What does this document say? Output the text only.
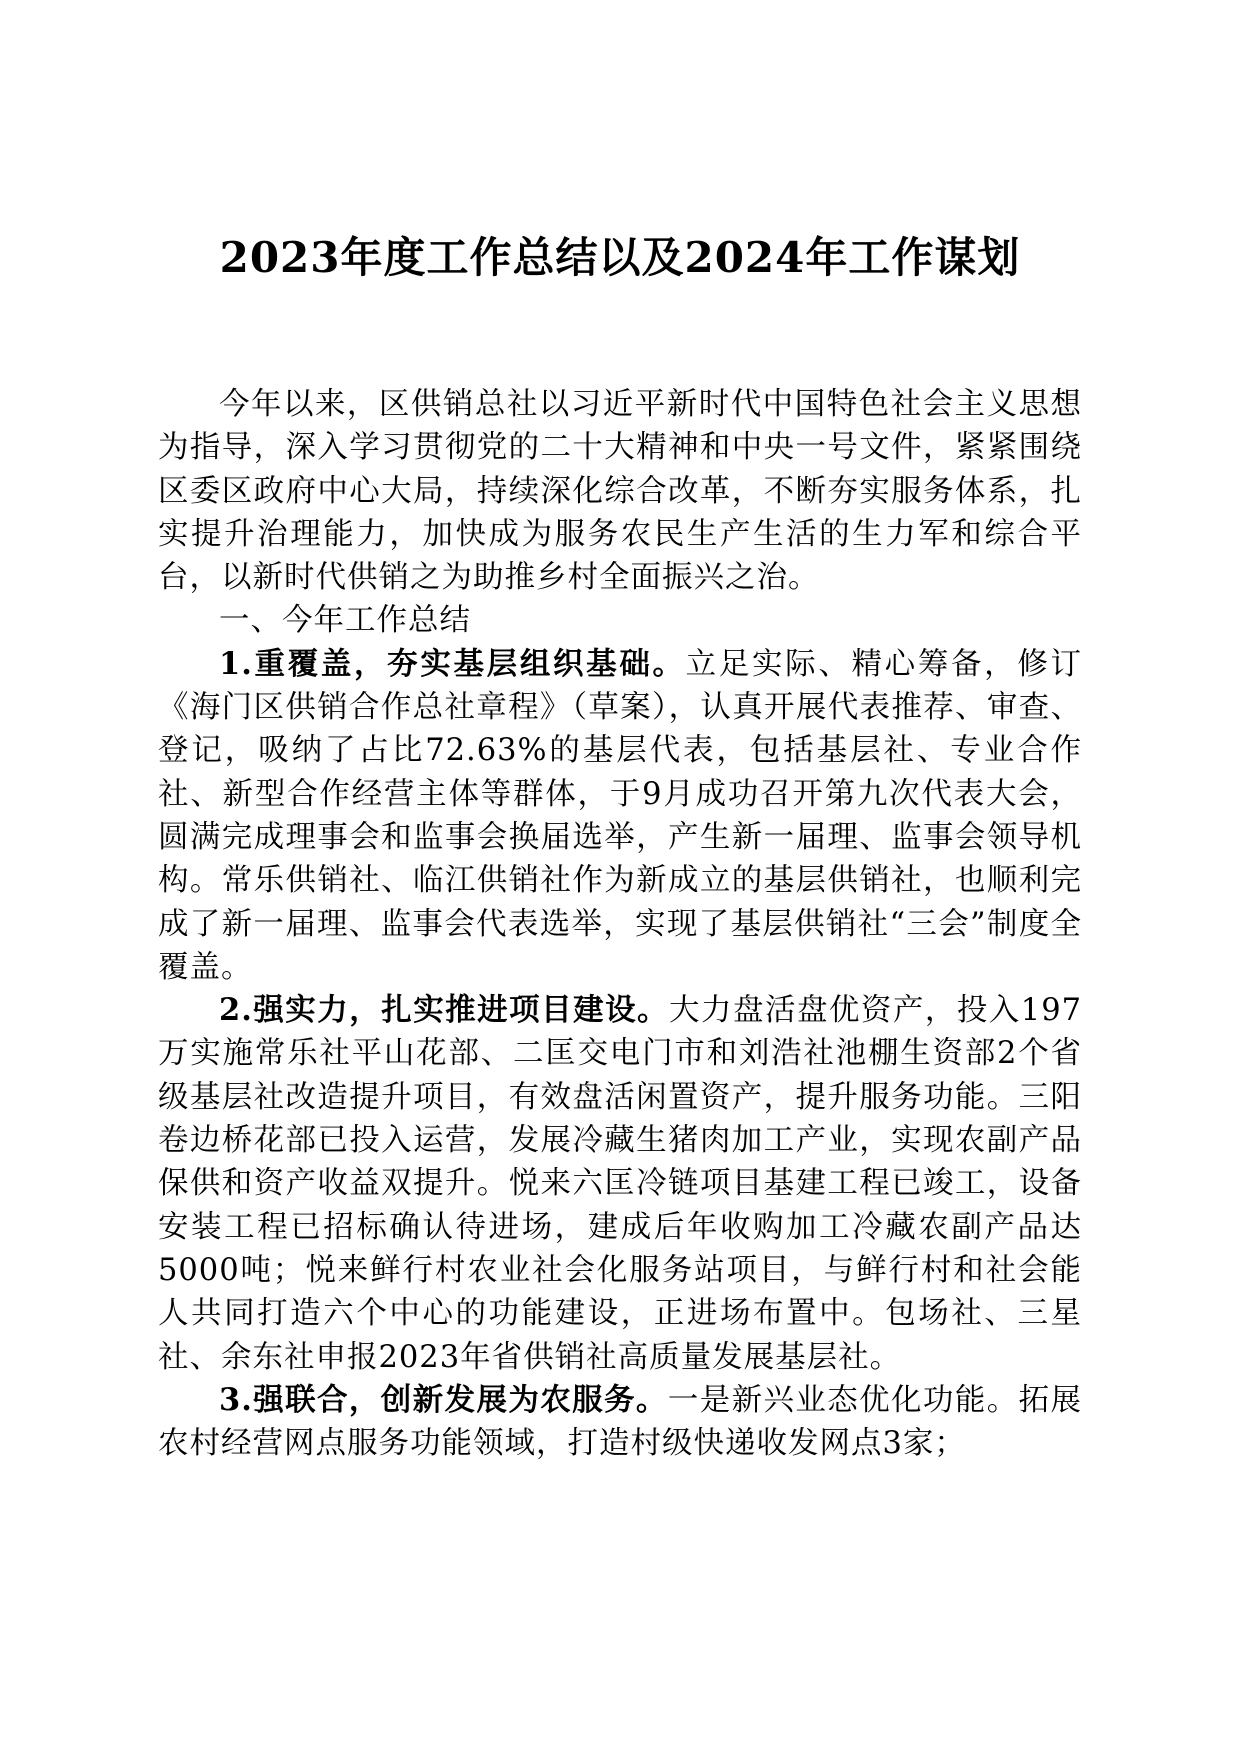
2023年度工作总结以及2024年工作谋划

今年以来，区供销总社以习近平新时代中国特色社会主义思想为指导，深入学习贯彻党的二十大精神和中央一号文件，紧紧围绕区委区政府中心大局，持续深化综合改革，不断夯实服务体系，扎实提升治理能力，加快成为服务农民生产生活的生力军和综合平台，以新时代供销之为助推乡村全面振兴之治。

一、今年工作总结

1.重覆盖，夯实基层组织基础。立足实际、精心筹备，修订《海门区供销合作总社章程》（草案），认真开展代表推荐、审查、登记，吸纳了占比72.63%的基层代表，包括基层社、专业合作社、新型合作经营主体等群体，于9月成功召开第九次代表大会，圆满完成理事会和监事会换届选举，产生新一届理、监事会领导机构。常乐供销社、临江供销社作为新成立的基层供销社，也顺利完成了新一届理、监事会代表选举，实现了基层供销社“三会”制度全覆盖。

2.强实力，扎实推进项目建设。大力盘活盘优资产，投入197万实施常乐社平山花部、二匡交电门市和刘浩社池棚生资部2个省级基层社改造提升项目，有效盘活闲置资产，提升服务功能。三阳卷边桥花部已投入运营，发展冷藏生猪肉加工产业，实现农副产品保供和资产收益双提升。悦来六匡冷链项目基建工程已竣工，设备安装工程已招标确认待进场，建成后年收购加工冷藏农副产品达5000吨；悦来鲜行村农业社会化服务站项目，与鲜行村和社会能人共同打造六个中心的功能建设，正进场布置中。包场社、三星社、余东社申报2023年省供销社高质量发展基层社。

3.强联合，创新发展为农服务。一是新兴业态优化功能。拓展农村经营网点服务功能领域，打造村级快递收发网点3家；
